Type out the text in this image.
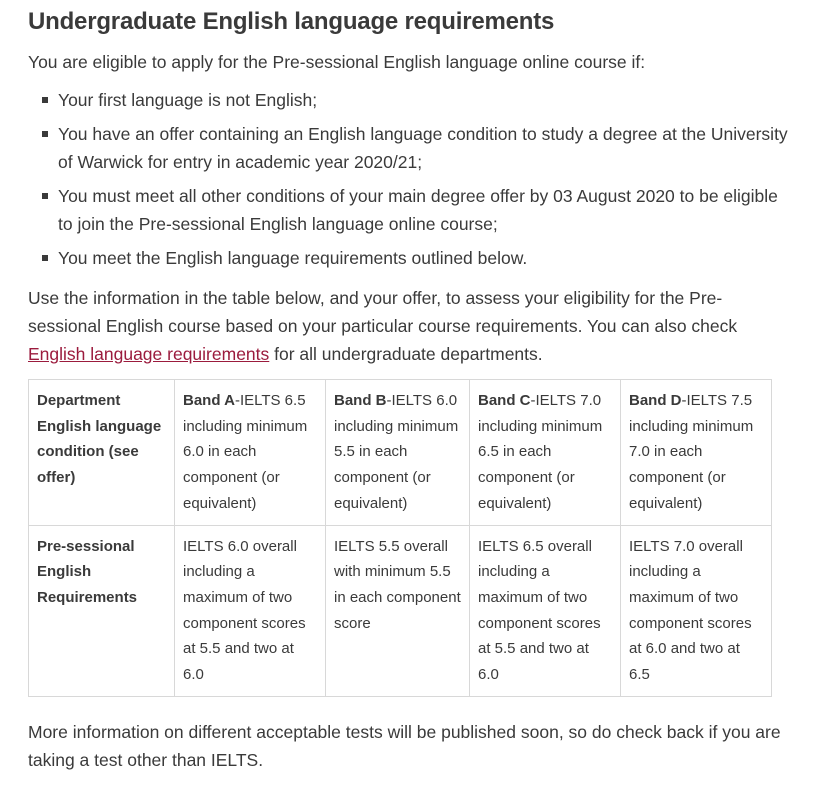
Undergraduate English language requirements

You are eligible to apply for the Pre-sessional English language online course if:

Your first language is not English;
You have an offer containing an English language condition to study a degree at the University of Warwick for entry in academic year 2020/21;
You must meet all other conditions of your main degree offer by 03 August 2020 to be eligible to join the Pre-sessional English language online course;
You meet the English language requirements outlined below.

Use the information in the table below, and your offer, to assess your eligibility for the Pre-sessional English course based on your particular course requirements. You can also check English language requirements for all undergraduate departments.

Department English language condition (see offer)	Band A-IELTS 6.5 including minimum 6.0 in each component (or equivalent)	Band B-IELTS 6.0 including minimum 5.5 in each component (or equivalent)	Band C-IELTS 7.0 including minimum 6.5 in each component (or equivalent)	Band D-IELTS 7.5 including minimum 7.0 in each component (or equivalent)
Pre-sessional English Requirements	IELTS 6.0 overall including a maximum of two component scores at 5.5 and two at 6.0	IELTS 5.5 overall with minimum 5.5 in each component score	IELTS 6.5 overall including a maximum of two component scores at 5.5 and two at 6.0	IELTS 7.0 overall including a maximum of two component scores at 6.0 and two at 6.5

More information on different acceptable tests will be published soon, so do check back if you are taking a test other than IELTS.
